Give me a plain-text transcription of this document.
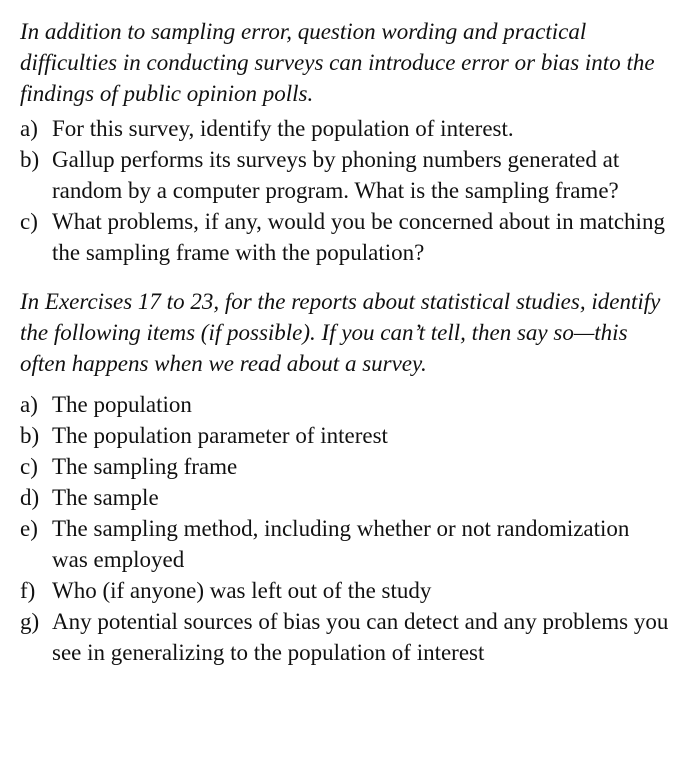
In addition to sampling error, question wording and practical difficulties in conducting surveys can introduce error or bias into the findings of public opinion polls.

a) For this survey, identify the population of interest.
b) Gallup performs its surveys by phoning numbers generated at random by a computer program. What is the sampling frame?
c) What problems, if any, would you be concerned about in matching the sampling frame with the population?

In Exercises 17 to 23, for the reports about statistical studies, identify the following items (if possible). If you can’t tell, then say so—this often happens when we read about a survey.

a) The population
b) The population parameter of interest
c) The sampling frame
d) The sample
e) The sampling method, including whether or not randomization was employed
f) Who (if anyone) was left out of the study
g) Any potential sources of bias you can detect and any problems you see in generalizing to the population of interest
